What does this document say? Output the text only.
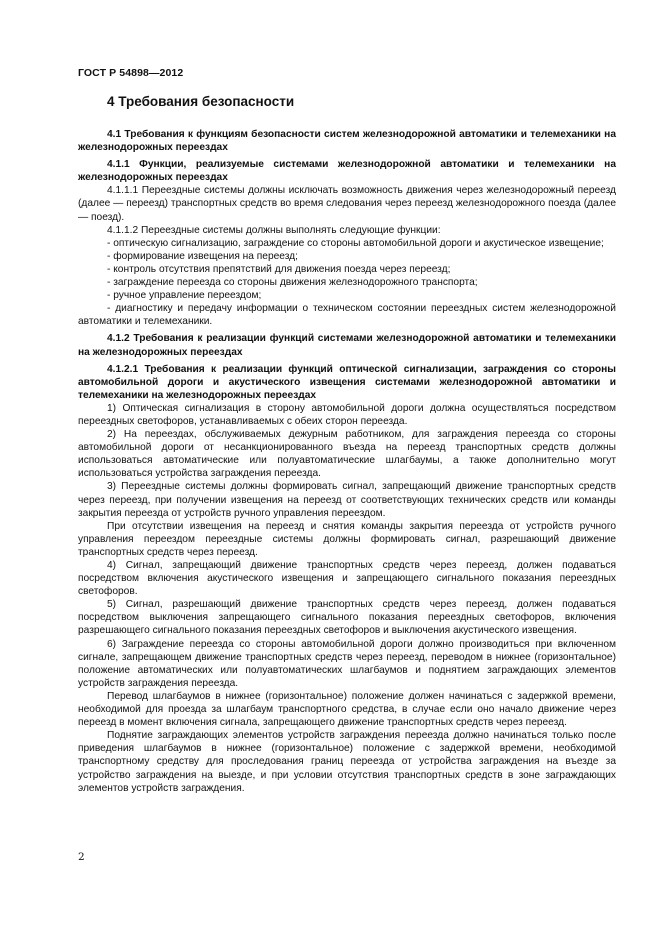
ГОСТ Р 54898—2012
4 Требования безопасности

4.1 Требования к функциям безопасности систем железнодорожной автоматики и телемеханики на железнодорожных переездах

4.1.1 Функции, реализуемые системами железнодорожной автоматики и телемеханики на железнодорожных переездах

4.1.1.1 Переездные системы должны исключать возможность движения через железнодорожный переезд (далее — переезд) транспортных средств во время следования через переезд железнодорожного поезда (далее — поезд).

4.1.1.2 Переездные системы должны выполнять следующие функции:

- оптическую сигнализацию, заграждение со стороны автомобильной дороги и акустическое извещение;

- формирование извещения на переезд;

- контроль отсутствия препятствий для движения поезда через переезд;

- заграждение переезда со стороны движения железнодорожного транспорта;

- ручное управление переездом;

- диагностику и передачу информации о техническом состоянии переездных систем железнодорожной автоматики и телемеханики.

4.1.2 Требования к реализации функций системами железнодорожной автоматики и телемеханики на железнодорожных переездах

4.1.2.1 Требования к реализации функций оптической сигнализации, заграждения со стороны автомобильной дороги и акустического извещения системами железнодорожной автоматики и телемеханики на железнодорожных переездах

1) Оптическая сигнализация в сторону автомобильной дороги должна осуществляться посредством переездных светофоров, устанавливаемых с обеих сторон переезда.

2) На переездах, обслуживаемых дежурным работником, для заграждения переезда со стороны автомобильной дороги от несанкционированного въезда на переезд транспортных средств должны использоваться автоматические или полуавтоматические шлагбаумы, а также дополнительно могут использоваться устройства заграждения переезда.

3) Переездные системы должны формировать сигнал, запрещающий движение транспортных средств через переезд, при получении извещения на переезд от соответствующих технических средств или команды закрытия переезда от устройств ручного управления переездом.

При отсутствии извещения на переезд и снятия команды закрытия переезда от устройств ручного управления переездом переездные системы должны формировать сигнал, разрешающий движение транспортных средств через переезд.

4) Сигнал, запрещающий движение транспортных средств через переезд, должен подаваться посредством включения акустического извещения и запрещающего сигнального показания переездных светофоров.

5) Сигнал, разрешающий движение транспортных средств через переезд, должен подаваться посредством выключения запрещающего сигнального показания переездных светофоров, включения разрешающего сигнального показания переездных светофоров и выключения акустического извещения.

6) Заграждение переезда со стороны автомобильной дороги должно производиться при включенном сигнале, запрещающем движение транспортных средств через переезд, переводом в нижнее (горизонтальное) положение автоматических или полуавтоматических шлагбаумов и поднятием заграждающих элементов устройств заграждения переезда.

Перевод шлагбаумов в нижнее (горизонтальное) положение должен начинаться с задержкой времени, необходимой для проезда за шлагбаум транспортного средства, в случае если оно начало движение через переезд в момент включения сигнала, запрещающего движение транспортных средств через переезд.

Поднятие заграждающих элементов устройств заграждения переезда должно начинаться только после приведения шлагбаумов в нижнее (горизонтальное) положение с задержкой времени, необходимой транспортному средству для проследования границ переезда от устройства заграждения на въезде за устройство заграждения на выезде, и при условии отсутствия транспортных средств в зоне заграждающих элементов устройств заграждения.

2
